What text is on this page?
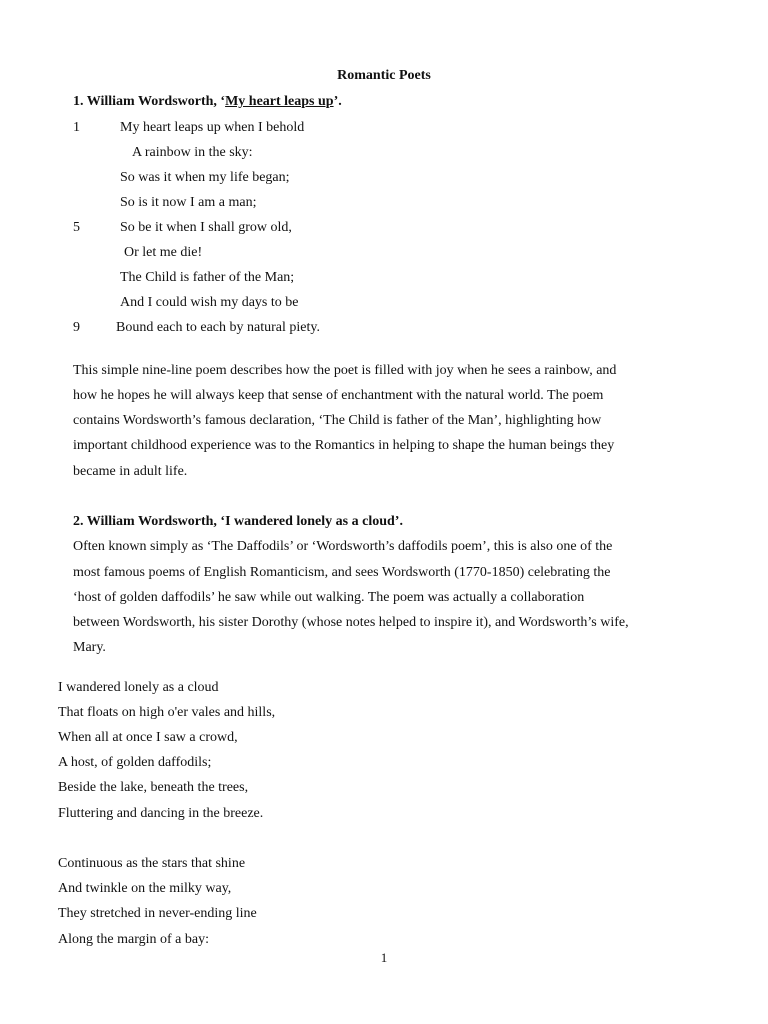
Romantic Poets
1. William Wordsworth, ‘My heart leaps up’.
1	My heart leaps up when I behold
A rainbow in the sky:
So was it when my life began;
So is it now I am a man;
5	So be it when I shall grow old,
Or let me die!
The Child is father of the Man;
And I could wish my days to be
9	Bound each to each by natural piety.
This simple nine-line poem describes how the poet is filled with joy when he sees a rainbow, and
how he hopes he will always keep that sense of enchantment with the natural world. The poem
contains Wordsworth’s famous declaration, ‘The Child is father of the Man’, highlighting how
important childhood experience was to the Romantics in helping to shape the human beings they
became in adult life.
2. William Wordsworth, ‘I wandered lonely as a cloud’.
Often known simply as ‘The Daffodils’ or ‘Wordsworth’s daffodils poem’, this is also one of the
most famous poems of English Romanticism, and sees Wordsworth (1770-1850) celebrating the
‘host of golden daffodils’ he saw while out walking. The poem was actually a collaboration
between Wordsworth, his sister Dorothy (whose notes helped to inspire it), and Wordsworth’s wife,
Mary.
I wandered lonely as a cloud
That floats on high o'er vales and hills,
When all at once I saw a crowd,
A host, of golden daffodils;
Beside the lake, beneath the trees,
Fluttering and dancing in the breeze.
Continuous as the stars that shine
And twinkle on the milky way,
They stretched in never-ending line
Along the margin of a bay:
1
